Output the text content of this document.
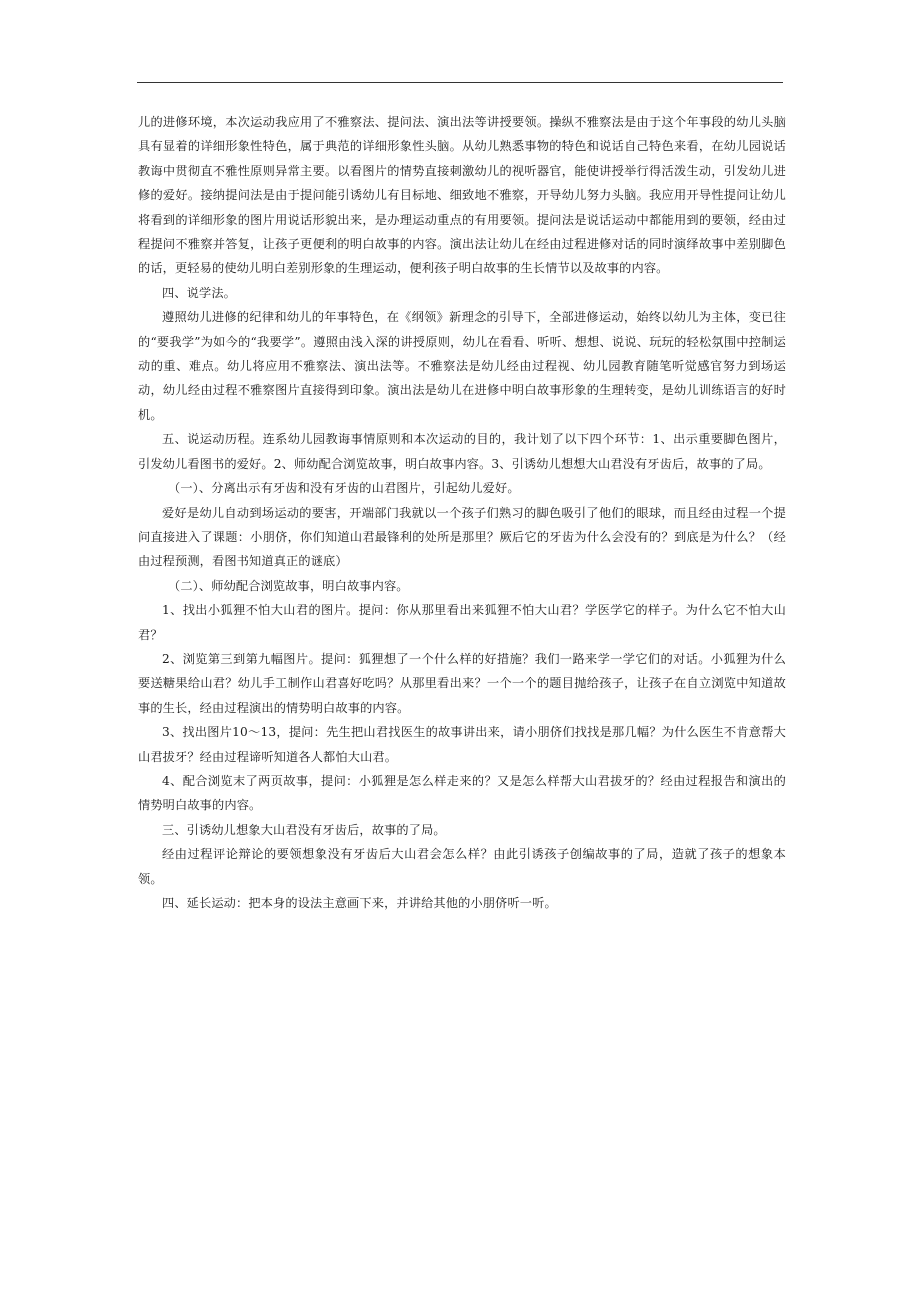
儿的进修环境，本次运动我应用了不雅察法、提问法、演出法等讲授要领。操纵不雅察法是由于这个年事段的幼儿头脑具有显着的详细形象性特色，属于典范的详细形象性头脑。从幼儿熟悉事物的特色和说话自己特色来看，在幼儿园说话教诲中贯彻直不雅性原则异常主要。以看图片的情势直接刺激幼儿的视听器官，能使讲授举行得活泼生动，引发幼儿进修的爱好。接纳提问法是由于提问能引诱幼儿有目标地、细致地不雅察，开导幼儿努力头脑。我应用开导性提问让幼儿将看到的详细形象的图片用说话形貌出来，是办理运动重点的有用要领。提问法是说话运动中都能用到的要领，经由过程提问不雅察并答复，让孩子更便利的明白故事的内容。演出法让幼儿在经由过程进修对话的同时演绎故事中差别脚色的话，更轻易的使幼儿明白差别形象的生理运动，便利孩子明白故事的生长情节以及故事的内容。

四、说学法。

遵照幼儿进修的纪律和幼儿的年事特色，在《纲领》新理念的引导下，全部进修运动，始终以幼儿为主体，变已往的“要我学”为如今的“我要学”。遵照由浅入深的讲授原则，幼儿在看看、听听、想想、说说、玩玩的轻松氛围中控制运动的重、难点。幼儿将应用不雅察法、演出法等。不雅察法是幼儿经由过程视、幼儿园教育随笔听觉感官努力到场运动，幼儿经由过程不雅察图片直接得到印象。演出法是幼儿在进修中明白故事形象的生理转变，是幼儿训练语言的好时机。

五、说运动历程。连系幼儿园教诲事情原则和本次运动的目的，我计划了以下四个环节：1、出示重要脚色图片，引发幼儿看图书的爱好。2、师幼配合浏览故事，明白故事内容。3、引诱幼儿想想大山君没有牙齿后，故事的了局。

（一）、分离出示有牙齿和没有牙齿的山君图片，引起幼儿爱好。

爱好是幼儿自动到场运动的要害，开端部门我就以一个孩子们熟习的脚色吸引了他们的眼球，而且经由过程一个提问直接进入了课题：小朋侪，你们知道山君最锋利的处所是那里？厥后它的牙齿为什么会没有的？到底是为什么？（经由过程预测，看图书知道真正的谜底）

（二）、师幼配合浏览故事，明白故事内容。

1、找出小狐狸不怕大山君的图片。提问：你从那里看出来狐狸不怕大山君？学医学它的样子。为什么它不怕大山君？

2、浏览第三到第九幅图片。提问：狐狸想了一个什么样的好措施？我们一路来学一学它们的对话。小狐狸为什么要送糖果给山君？幼儿手工制作山君喜好吃吗？从那里看出来？一个一个的题目抛给孩子，让孩子在自立浏览中知道故事的生长，经由过程演出的情势明白故事的内容。

3、找出图片10～13，提问：先生把山君找医生的故事讲出来，请小朋侪们找找是那几幅？为什么医生不肯意帮大山君拔牙？经由过程谛听知道各人都怕大山君。

4、配合浏览末了两页故事，提问：小狐狸是怎么样走来的？又是怎么样帮大山君拔牙的？经由过程报告和演出的情势明白故事的内容。

三、引诱幼儿想象大山君没有牙齿后，故事的了局。

经由过程评论辩论的要领想象没有牙齿后大山君会怎么样？由此引诱孩子创编故事的了局，造就了孩子的想象本领。

四、延长运动：把本身的设法主意画下来，并讲给其他的小朋侪听一听。
